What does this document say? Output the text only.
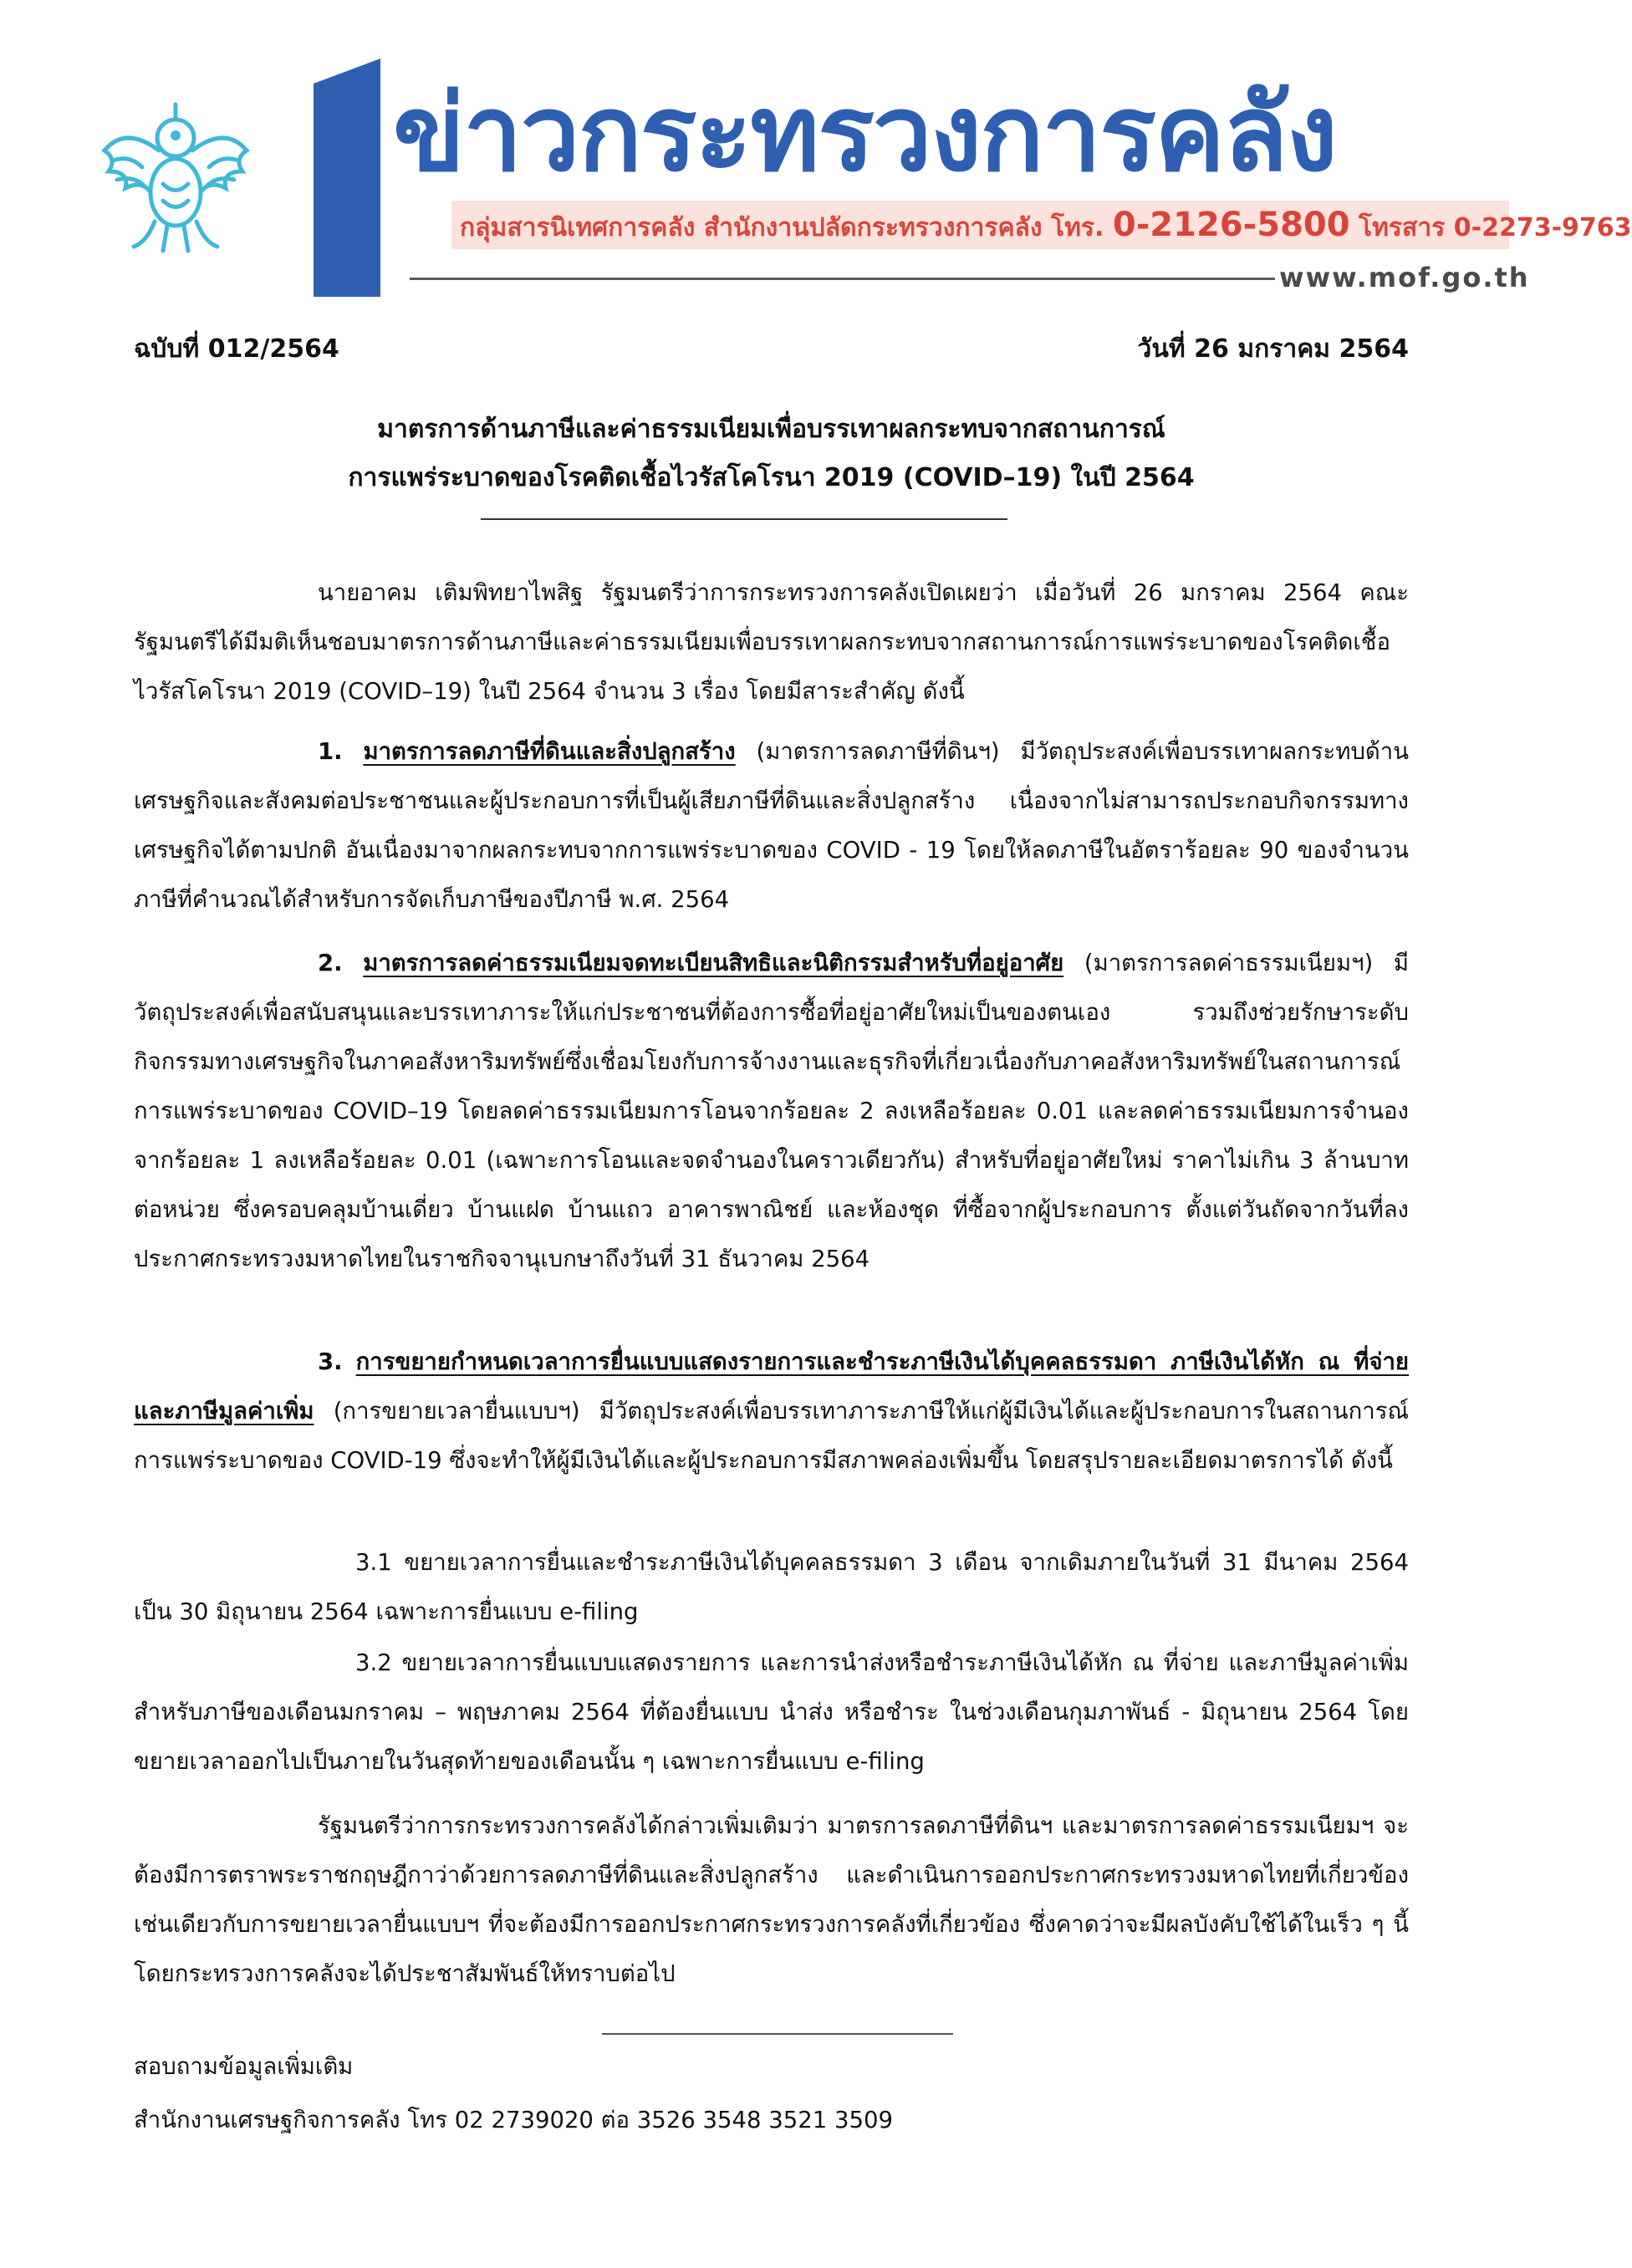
ข่าวกระทรวงการคลัง
กลุ่มสารนิเทศการคลัง สำนักงานปลัดกระทรวงการคลัง โทร. 0-2126-5800 โทรสาร 0-2273-9763
www.mof.go.th
ฉบับที่ 012/2564	วันที่ 26 มกราคม 2564
มาตรการด้านภาษีและค่าธรรมเนียมเพื่อบรรเทาผลกระทบจากสถานการณ์
การแพร่ระบาดของโรคติดเชื้อไวรัสโคโรนา 2019 (COVID–19) ในปี 2564

นายอาคม เติมพิทยาไพสิฐ รัฐมนตรีว่าการกระทรวงการคลังเปิดเผยว่า เมื่อวันที่ 26 มกราคม 2564 คณะรัฐมนตรีได้มีมติเห็นชอบมาตรการด้านภาษีและค่าธรรมเนียมเพื่อบรรเทาผลกระทบจากสถานการณ์การแพร่ระบาดของโรคติดเชื้อไวรัสโคโรนา 2019 (COVID–19) ในปี 2564 จำนวน 3 เรื่อง โดยมีสาระสำคัญ ดังนี้

1. มาตรการลดภาษีที่ดินและสิ่งปลูกสร้าง (มาตรการลดภาษีที่ดินฯ) มีวัตถุประสงค์เพื่อบรรเทาผลกระทบด้านเศรษฐกิจและสังคมต่อประชาชนและผู้ประกอบการที่เป็นผู้เสียภาษีที่ดินและสิ่งปลูกสร้าง เนื่องจากไม่สามารถประกอบกิจกรรมทางเศรษฐกิจได้ตามปกติ อันเนื่องมาจากผลกระทบจากการแพร่ระบาดของ COVID - 19 โดยให้ลดภาษีในอัตราร้อยละ 90 ของจำนวนภาษีที่คำนวณได้สำหรับการจัดเก็บภาษีของปีภาษี พ.ศ. 2564

2. มาตรการลดค่าธรรมเนียมจดทะเบียนสิทธิและนิติกรรมสำหรับที่อยู่อาศัย (มาตรการลดค่าธรรมเนียมฯ) มีวัตถุประสงค์เพื่อสนับสนุนและบรรเทาภาระให้แก่ประชาชนที่ต้องการซื้อที่อยู่อาศัยใหม่เป็นของตนเอง รวมถึงช่วยรักษาระดับกิจกรรมทางเศรษฐกิจในภาคอสังหาริมทรัพย์ซึ่งเชื่อมโยงกับการจ้างงานและธุรกิจที่เกี่ยวเนื่องกับภาคอสังหาริมทรัพย์ในสถานการณ์การแพร่ระบาดของ COVID–19 โดยลดค่าธรรมเนียมการโอนจากร้อยละ 2 ลงเหลือร้อยละ 0.01 และลดค่าธรรมเนียมการจำนองจากร้อยละ 1 ลงเหลือร้อยละ 0.01 (เฉพาะการโอนและจดจำนองในคราวเดียวกัน) สำหรับที่อยู่อาศัยใหม่ ราคาไม่เกิน 3 ล้านบาทต่อหน่วย ซึ่งครอบคลุมบ้านเดี่ยว บ้านแฝด บ้านแถว อาคารพาณิชย์ และห้องชุด ที่ซื้อจากผู้ประกอบการ ตั้งแต่วันถัดจากวันที่ลงประกาศกระทรวงมหาดไทยในราชกิจจานุเบกษาถึงวันที่ 31 ธันวาคม 2564

3. การขยายกำหนดเวลาการยื่นแบบแสดงรายการและชำระภาษีเงินได้บุคคลธรรมดา ภาษีเงินได้หัก ณ ที่จ่าย และภาษีมูลค่าเพิ่ม (การขยายเวลายื่นแบบฯ) มีวัตถุประสงค์เพื่อบรรเทาภาระภาษีให้แก่ผู้มีเงินได้และผู้ประกอบการในสถานการณ์การแพร่ระบาดของ COVID-19 ซึ่งจะทำให้ผู้มีเงินได้และผู้ประกอบการมีสภาพคล่องเพิ่มขึ้น โดยสรุปรายละเอียดมาตรการได้ ดังนี้

3.1 ขยายเวลาการยื่นและชำระภาษีเงินได้บุคคลธรรมดา 3 เดือน จากเดิมภายในวันที่ 31 มีนาคม 2564 เป็น 30 มิถุนายน 2564 เฉพาะการยื่นแบบ e-filing

3.2 ขยายเวลาการยื่นแบบแสดงรายการ และการนำส่งหรือชำระภาษีเงินได้หัก ณ ที่จ่าย และภาษีมูลค่าเพิ่มสำหรับภาษีของเดือนมกราคม – พฤษภาคม 2564 ที่ต้องยื่นแบบ นำส่ง หรือชำระ ในช่วงเดือนกุมภาพันธ์ - มิถุนายน 2564 โดยขยายเวลาออกไปเป็นภายในวันสุดท้ายของเดือนนั้น ๆ เฉพาะการยื่นแบบ e-filing

รัฐมนตรีว่าการกระทรวงการคลังได้กล่าวเพิ่มเติมว่า มาตรการลดภาษีที่ดินฯ และมาตรการลดค่าธรรมเนียมฯ จะต้องมีการตราพระราชกฤษฎีกาว่าด้วยการลดภาษีที่ดินและสิ่งปลูกสร้าง และดำเนินการออกประกาศกระทรวงมหาดไทยที่เกี่ยวข้อง เช่นเดียวกับการขยายเวลายื่นแบบฯ ที่จะต้องมีการออกประกาศกระทรวงการคลังที่เกี่ยวข้อง ซึ่งคาดว่าจะมีผลบังคับใช้ได้ในเร็ว ๆ นี้ โดยกระทรวงการคลังจะได้ประชาสัมพันธ์ให้ทราบต่อไป

สอบถามข้อมูลเพิ่มเติม
สำนักงานเศรษฐกิจการคลัง โทร 02 2739020 ต่อ 3526 3548 3521 3509
